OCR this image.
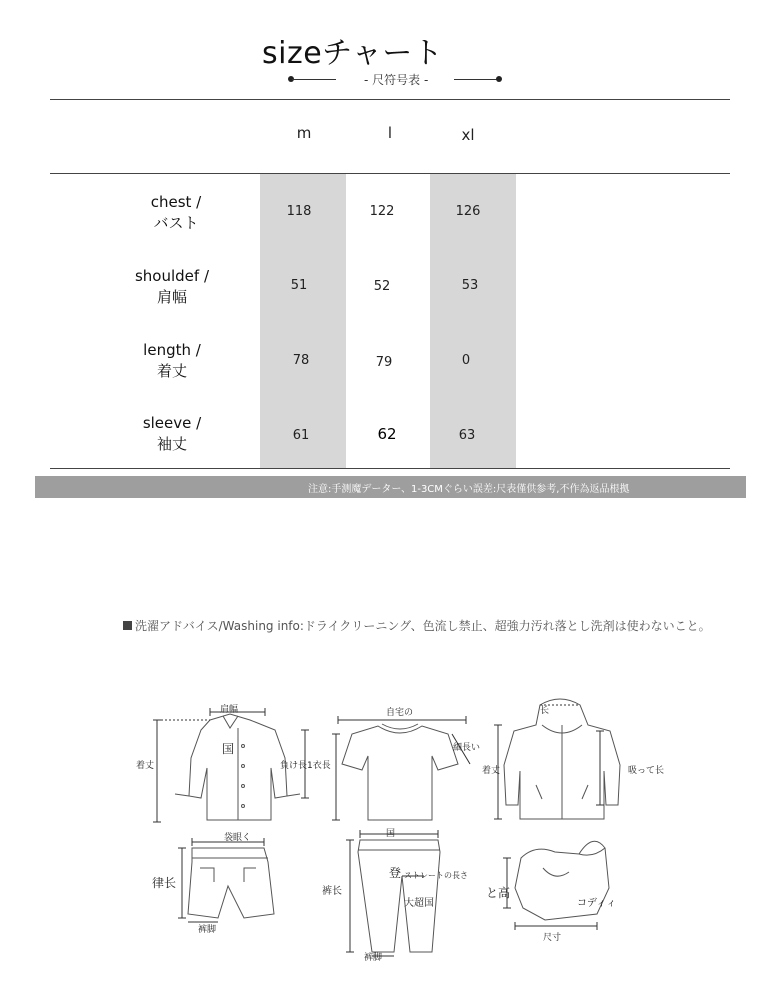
sizeチャート
- 尺符号表 -
m	l	xl
chest /
バスト
118	122	126
shouldef /
肩幅
51	52	53
length /
着丈
78	79	0
sleeve /
袖丈	61	62	63
注意:手测魔データー、1-3CMぐらい誤差:尺表僅供参考,不作為返品根拠
洗濯アドバイス/Washing info:ドライクリーニング、色流し禁止、超強力汚れ落とし洗剤は使わないこと。
肩幅
国
着丈	負け長1衣長
自宅の
細長い
长
着丈	吸って长
袋眼く
律长
裤脚
国
登 ストレートの長さ
大超国
裤长
裤脚
と高
コディィ
尺寸
